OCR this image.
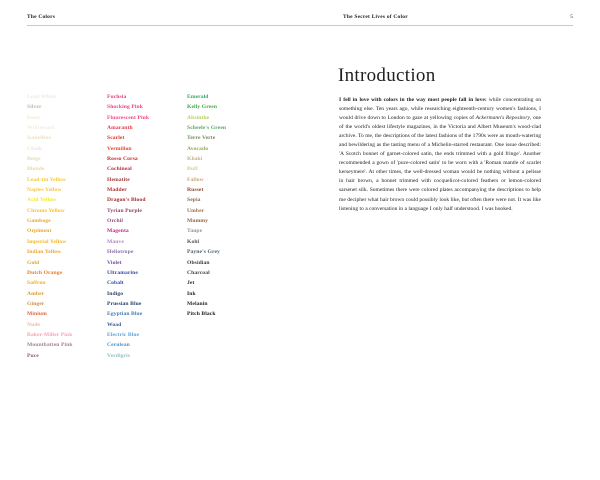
The Colors	The Secret Lives of Color	5
Lead White
Silver
Ivory
Whitewash
Isabelline
Chalk
Beige
Blonde
Lead-tin Yellow
Naples Yellow
Acid Yellow
Chrome Yellow
Gamboge
Orpiment
Imperial Yellow
Indian Yellow
Gold
Dutch Orange
Saffron
Amber
Ginger
Minium
Nude
Baker-Miller Pink
Mountbatten Pink
Puce
Fuchsia
Shocking Pink
Fluorescent Pink
Amaranth
Scarlet
Vermilion
Rosso Corsa
Cochineal
Hematite
Madder
Dragon's Blood
Tyrian Purple
Orchil
Magenta
Mauve
Heliotrope
Violet
Ultramarine
Cobalt
Indigo
Prussian Blue
Egyptian Blue
Woad
Electric Blue
Cerulean
Verdigris
Emerald
Kelly Green
Absinthe
Scheele's Green
Terre Verte
Avocado
Khaki
Buff
Fallow
Russet
Sepia
Umber
Mummy
Taupe
Kohl
Payne's Grey
Obsidian
Charcoal
Jet
Ink
Melanin
Pitch Black
Introduction

I fell in love with colors in the way most people fall in love: while concentrating on something else. Ten years ago, while researching eighteenth-century women's fashions, I would drive down to London to gaze at yellowing copies of Ackermann's Repository, one of the world's oldest lifestyle magazines, in the Victoria and Albert Museum's wood-clad archive. To me, the descriptions of the latest fashions of the 1790s were as mouth-watering and bewildering as the tasting menu of a Michelin-starred restaurant. One issue described: 'A Scotch bonnet of garnet-colored satin, the ends trimmed with a gold fringe'. Another recommended a gown of 'puce-colored satin' to be worn with a 'Roman mantle of scarlet kerseymere'. At other times, the well-dressed woman would be nothing without a pelisse in hair brown, a bonnet trimmed with cocquelicot-colored feathers or lemon-colored sarsenet silk. Sometimes there were colored plates accompanying the descriptions to help me decipher what hair brown could possibly look like, but often there were not. It was like listening to a conversation in a language I only half understood. I was hooked.
